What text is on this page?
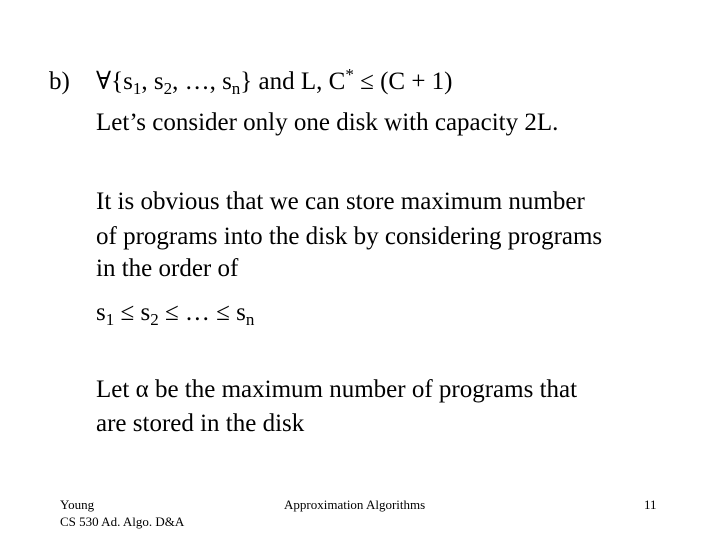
b) $\forall\{s_1$, $s_2$, …, $s_n$} and L, C* ≤ (C + 1)
Let’s consider only one disk with capacity 2L.
It is obvious that we can store maximum number
of programs into the disk by considering programs
in the order of
$s_1 \le s_2$ ≤ … ≤ $s_n$
Let α be the maximum number of programs that
are stored in the disk
Young
CS 530 Ad. Algo. D&A
Approximation Algorithms	11
